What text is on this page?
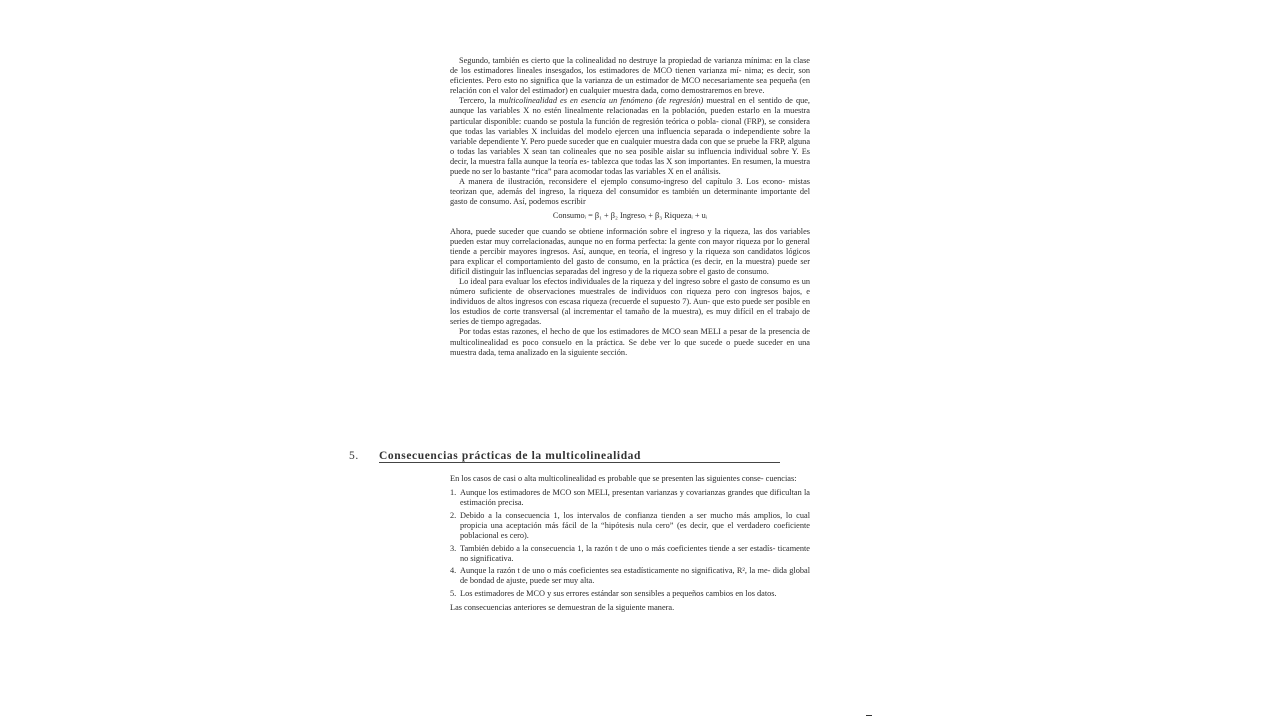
Segundo, también es cierto que la colinealidad no destruye la propiedad de varianza mínima: en la clase de los estimadores lineales insesgados, los estimadores de MCO tienen varianza mí- nima; es decir, son eficientes. Pero esto no significa que la varianza de un estimador de MCO necesariamente sea pequeña (en relación con el valor del estimador) en cualquier muestra dada, como demostraremos en breve.

Tercero, la multicolinealidad es en esencia un fenómeno (de regresión) muestral en el sentido de que, aunque las variables X no estén linealmente relacionadas en la población, pueden estarlo en la muestra particular disponible: cuando se postula la función de regresión teórica o pobla- cional (FRP), se considera que todas las variables X incluidas del modelo ejercen una influencia separada o independiente sobre la variable dependiente Y. Pero puede suceder que en cualquier muestra dada con que se pruebe la FRP, alguna o todas las variables X sean tan colineales que no sea posible aislar su influencia individual sobre Y. Es decir, la muestra falla aunque la teoría es- tablezca que todas las X son importantes. En resumen, la muestra puede no ser lo bastante “rica” para acomodar todas las variables X en el análisis.

A manera de ilustración, reconsidere el ejemplo consumo-ingreso del capítulo 3. Los econo- mistas teorizan que, además del ingreso, la riqueza del consumidor es también un determinante importante del gasto de consumo. Así, podemos escribir

Consumoᵢ = β₁ + β₂ Ingresoᵢ + β₃ Riquezaᵢ + uᵢ

Ahora, puede suceder que cuando se obtiene información sobre el ingreso y la riqueza, las dos variables pueden estar muy correlacionadas, aunque no en forma perfecta: la gente con mayor riqueza por lo general tiende a percibir mayores ingresos. Así, aunque, en teoría, el ingreso y la riqueza son candidatos lógicos para explicar el comportamiento del gasto de consumo, en la práctica (es decir, en la muestra) puede ser difícil distinguir las influencias separadas del ingreso y de la riqueza sobre el gasto de consumo.

Lo ideal para evaluar los efectos individuales de la riqueza y del ingreso sobre el gasto de consumo es un número suficiente de observaciones muestrales de individuos con riqueza pero con ingresos bajos, e individuos de altos ingresos con escasa riqueza (recuerde el supuesto 7). Aun- que esto puede ser posible en los estudios de corte transversal (al incrementar el tamaño de la muestra), es muy difícil en el trabajo de series de tiempo agregadas.

Por todas estas razones, el hecho de que los estimadores de MCO sean MELI a pesar de la presencia de multicolinealidad es poco consuelo en la práctica. Se debe ver lo que sucede o puede suceder en una muestra dada, tema analizado en la siguiente sección.

5. Consecuencias prácticas de la multicolinealidad

En los casos de casi o alta multicolinealidad es probable que se presenten las siguientes conse- cuencias:

1. Aunque los estimadores de MCO son MELI, presentan varianzas y covarianzas grandes que dificultan la estimación precisa.
2. Debido a la consecuencia 1, los intervalos de confianza tienden a ser mucho más amplios, lo cual propicia una aceptación más fácil de la “hipótesis nula cero” (es decir, que el verdadero coeficiente poblacional es cero).
3. También debido a la consecuencia 1, la razón t de uno o más coeficientes tiende a ser estadís- ticamente no significativa.
4. Aunque la razón t de uno o más coeficientes sea estadísticamente no significativa, R², la me- dida global de bondad de ajuste, puede ser muy alta.
5. Los estimadores de MCO y sus errores estándar son sensibles a pequeños cambios en los datos.

Las consecuencias anteriores se demuestran de la siguiente manera.
